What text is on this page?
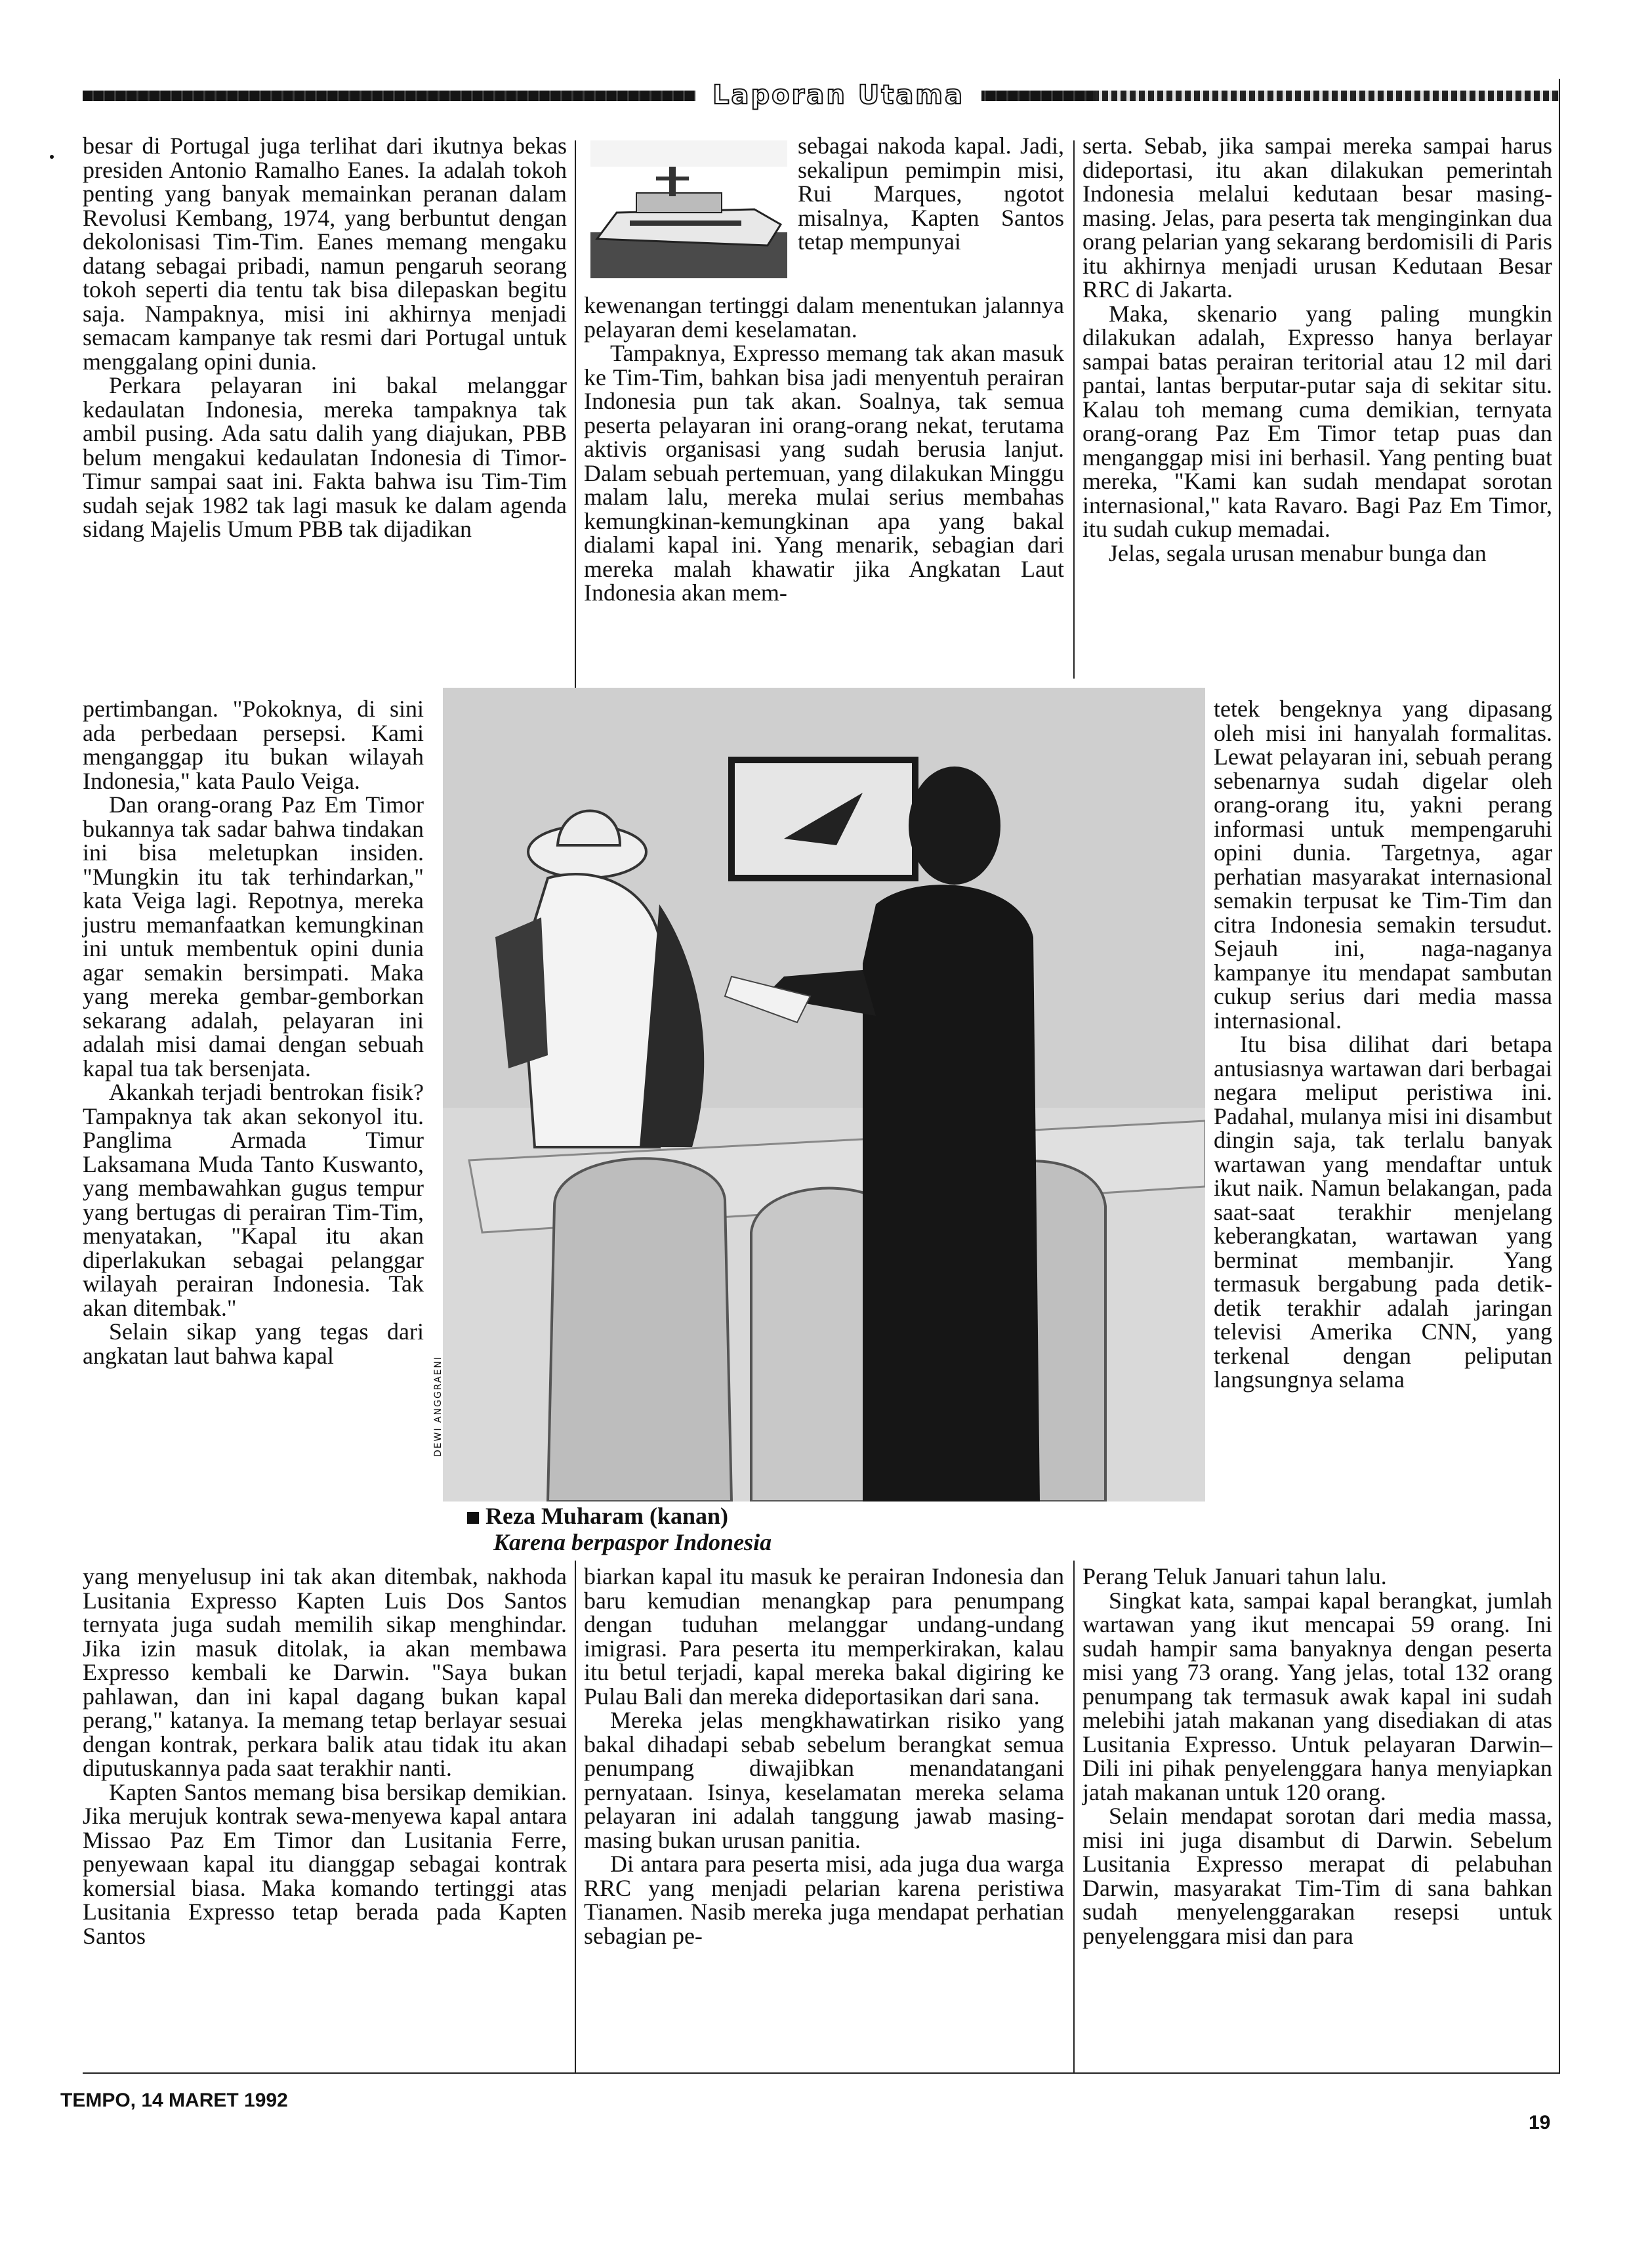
Laporan Utama

besar di Portugal juga terlihat dari ikutnya bekas presiden Antonio Ramalho Eanes. Ia adalah tokoh penting yang banyak memainkan peranan dalam Revolusi Kembang, 1974, yang berbuntut dengan dekolonisasi Tim-Tim. Eanes memang mengaku datang sebagai pribadi, namun pengaruh seorang tokoh seperti dia tentu tak bisa dilepaskan begitu saja. Nampaknya, misi ini akhirnya menjadi semacam kampanye tak resmi dari Portugal untuk menggalang opini dunia.

Perkara pelayaran ini bakal melanggar kedaulatan Indonesia, mereka tampaknya tak ambil pusing. Ada satu dalih yang diajukan, PBB belum mengakui kedaulatan Indonesia di Timor-Timur sampai saat ini. Fakta bahwa isu Tim-Tim sudah sejak 1982 tak lagi masuk ke dalam agenda sidang Majelis Umum PBB tak dijadikan

pertimbangan. "Pokoknya, di sini ada perbedaan persepsi. Kami menganggap itu bukan wilayah Indonesia," kata Paulo Veiga.

Dan orang-orang Paz Em Timor bukannya tak sadar bahwa tindakan ini bisa meletupkan insiden. "Mungkin itu tak terhindarkan," kata Veiga lagi. Repotnya, mereka justru memanfaatkan kemungkinan ini untuk membentuk opini dunia agar semakin bersimpati. Maka yang mereka gembar-gemborkan sekarang adalah, pelayaran ini adalah misi damai dengan sebuah kapal tua tak bersenjata.

Akankah terjadi bentrokan fisik? Tampaknya tak akan sekonyol itu. Panglima Armada Timur Laksamana Muda Tanto Kuswanto, yang membawahkan gugus tempur yang bertugas di perairan Tim-Tim, menyatakan, "Kapal itu akan diperlakukan sebagai pelanggar wilayah perairan Indonesia. Tak akan ditembak."

Selain sikap yang tegas dari angkatan laut bahwa kapal

yang menyelusup ini tak akan ditembak, nakhoda Lusitania Expresso Kapten Luis Dos Santos ternyata juga sudah memilih sikap menghindar. Jika izin masuk ditolak, ia akan membawa Expresso kembali ke Darwin. "Saya bukan pahlawan, dan ini kapal dagang bukan kapal perang," katanya. Ia memang tetap berlayar sesuai dengan kontrak, perkara balik atau tidak itu akan diputuskannya pada saat terakhir nanti.

Kapten Santos memang bisa bersikap demikian. Jika merujuk kontrak sewa-menyewa kapal antara Missao Paz Em Timor dan Lusitania Ferre, penyewaan kapal itu dianggap sebagai kontrak komersial biasa. Maka komando tertinggi atas Lusitania Expresso tetap berada pada Kapten Santos

sebagai nakoda kapal. Jadi, sekalipun pemimpin misi, Rui Marques, ngotot misalnya, Kapten Santos tetap mempunyai

kewenangan tertinggi dalam menentukan jalannya pelayaran demi keselamatan.

Tampaknya, Expresso memang tak akan masuk ke Tim-Tim, bahkan bisa jadi menyentuh perairan Indonesia pun tak akan. Soalnya, tak semua peserta pelayaran ini orang-orang nekat, terutama aktivis organisasi yang sudah berusia lanjut. Dalam sebuah pertemuan, yang dilakukan Minggu malam lalu, mereka mulai serius membahas kemungkinan-kemungkinan apa yang bakal dialami kapal ini. Yang menarik, sebagian dari mereka malah khawatir jika Angkatan Laut Indonesia akan mem-

biarkan kapal itu masuk ke perairan Indonesia dan baru kemudian menangkap para penumpang dengan tuduhan melanggar undang-undang imigrasi. Para peserta itu memperkirakan, kalau itu betul terjadi, kapal mereka bakal digiring ke Pulau Bali dan mereka dideportasikan dari sana.

Mereka jelas mengkhawatirkan risiko yang bakal dihadapi sebab sebelum berangkat semua penumpang diwajibkan menandatangani pernyataan. Isinya, keselamatan mereka selama pelayaran ini adalah tanggung jawab masing-masing bukan urusan panitia.

Di antara para peserta misi, ada juga dua warga RRC yang menjadi pelarian karena peristiwa Tianamen. Nasib mereka juga mendapat perhatian sebagian pe-

serta. Sebab, jika sampai mereka sampai harus dideportasi, itu akan dilakukan pemerintah Indonesia melalui kedutaan besar masing-masing. Jelas, para peserta tak menginginkan dua orang pelarian yang sekarang berdomisili di Paris itu akhirnya menjadi urusan Kedutaan Besar RRC di Jakarta.

Maka, skenario yang paling mungkin dilakukan adalah, Expresso hanya berlayar sampai batas perairan teritorial atau 12 mil dari pantai, lantas berputar-putar saja di sekitar situ. Kalau toh memang cuma demikian, ternyata orang-orang Paz Em Timor tetap puas dan menganggap misi ini berhasil. Yang penting buat mereka, "Kami kan sudah mendapat sorotan internasional," kata Ravaro. Bagi Paz Em Timor, itu sudah cukup memadai.

Jelas, segala urusan menabur bunga dan

tetek bengeknya yang dipasang oleh misi ini hanyalah formalitas. Lewat pelayaran ini, sebuah perang sebenarnya sudah digelar oleh orang-orang itu, yakni perang informasi untuk mempengaruhi opini dunia. Targetnya, agar perhatian masyarakat internasional semakin terpusat ke Tim-Tim dan citra Indonesia semakin tersudut. Sejauh ini, naga-naganya kampanye itu mendapat sambutan cukup serius dari media massa internasional.

Itu bisa dilihat dari betapa antusiasnya wartawan dari berbagai negara meliput peristiwa ini. Padahal, mulanya misi ini disambut dingin saja, tak terlalu banyak wartawan yang mendaftar untuk ikut naik. Namun belakangan, pada saat-saat terakhir menjelang keberangkatan, wartawan yang berminat membanjir. Yang termasuk bergabung pada detik-detik terakhir adalah jaringan televisi Amerika CNN, yang terkenal dengan peliputan langsungnya selama

Perang Teluk Januari tahun lalu.

Singkat kata, sampai kapal berangkat, jumlah wartawan yang ikut mencapai 59 orang. Ini sudah hampir sama banyaknya dengan peserta misi yang 73 orang. Yang jelas, total 132 orang penumpang tak termasuk awak kapal ini sudah melebihi jatah makanan yang disediakan di atas Lusitania Expresso. Untuk pelayaran Darwin–Dili ini pihak penyelenggara hanya menyiapkan jatah makanan untuk 120 orang.

Selain mendapat sorotan dari media massa, misi ini juga disambut di Darwin. Sebelum Lusitania Expresso merapat di pelabuhan Darwin, masyarakat Tim-Tim di sana bahkan sudah menyelenggarakan resepsi untuk penyelenggara misi dan para

DEWI ANGGRAENI
Reza Muharam (kanan)
Karena berpaspor Indonesia
TEMPO, 14 MARET 1992
19
